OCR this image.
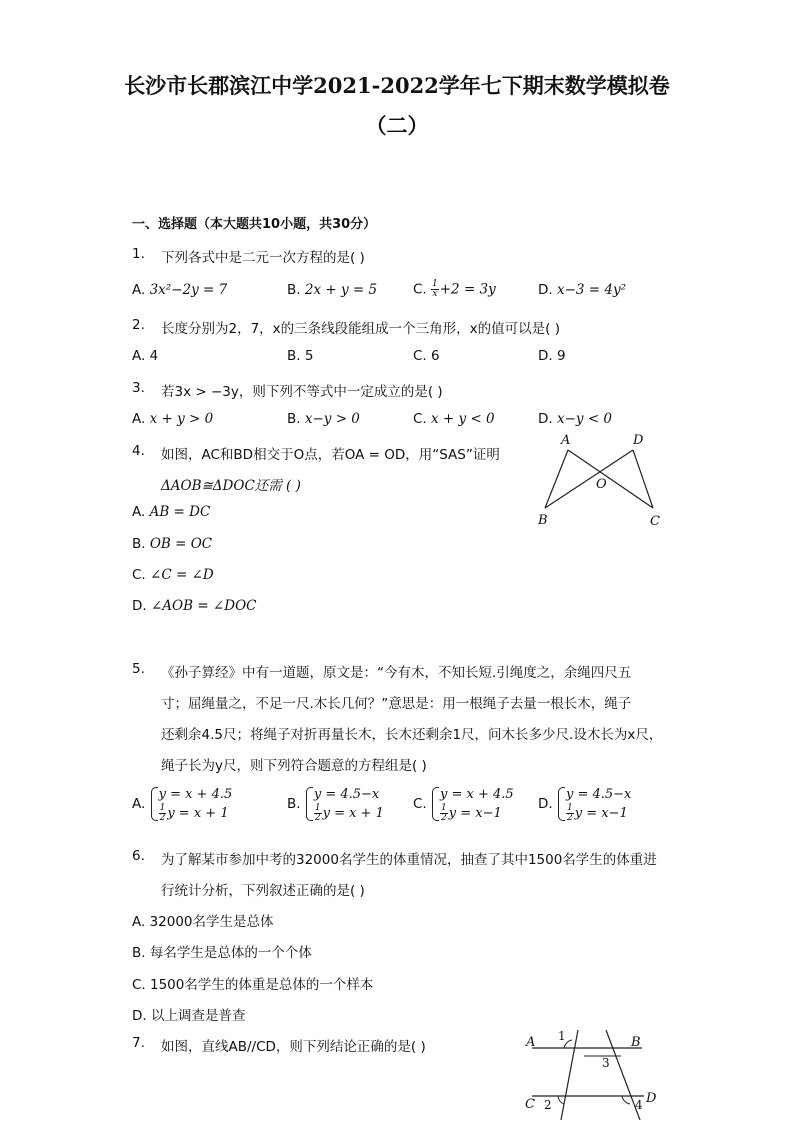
长沙市长郡滨江中学2021-2022学年七下期末数学模拟卷
（二）
一、选择题（本大题共10小题，共30分）
1. 下列各式中是二元一次方程的是( )
A. 3x²−2y = 7	B. 2x + y = 5	C. $\frac{1}{x} +2 = 3y$	D. x−3 = 4y²
2. 长度分别为2，7，x的三条线段能组成一个三角形，x的值可以是( )
A. 4	B. 5	C. 6	D. 9
3. 若3x > −3y，则下列不等式中一定成立的是( )
A. x + y > 0	B. x−y > 0	C. x + y < 0	D. x−y < 0
4. 如图，AC和BD相交于O点，若OA = OD，用“SAS”证明
ΔAOB≅ΔDOC还需 ( )
A. AB = DC
B. OB = OC
C. ∠C = ∠D
D. ∠AOB = ∠DOC
A	D
O
B	C
5. 《孙子算经》中有一道题，原文是：“今有木，不知长短.引绳度之，余绳四尺五
寸；屈绳量之，不足一尺.木长几何？”意思是：用一根绳子去量一根长木，绳子
还剩余4.5尺；将绳子对折再量长木，长木还剩余1尺，问木长多少尺.设木长为x尺，
绳子长为y尺，则下列符合题意的方程组是( )
A.
y = x + 4.5
$\frac{1}{2}$ y = x + 1
B.
y = 4.5−x
$\frac{1}{2}$ y = x + 1
C.
y = x + 4.5
$\frac{1}{2}$ y = x−1
D.
y = 4.5−x
$\frac{1}{2}$ y = x−1
6. 为了解某市参加中考的32000名学生的体重情况，抽查了其中1500名学生的体重进
行统计分析，下列叙述正确的是( )
A. 32000名学生是总体
B. 每名学生是总体的一个个体
C. 1500名学生的体重是总体的一个样本
D. 以上调查是普查
7. 如图，直线AB//CD，则下列结论正确的是( )	A	B
C	D
1
2
3
4
